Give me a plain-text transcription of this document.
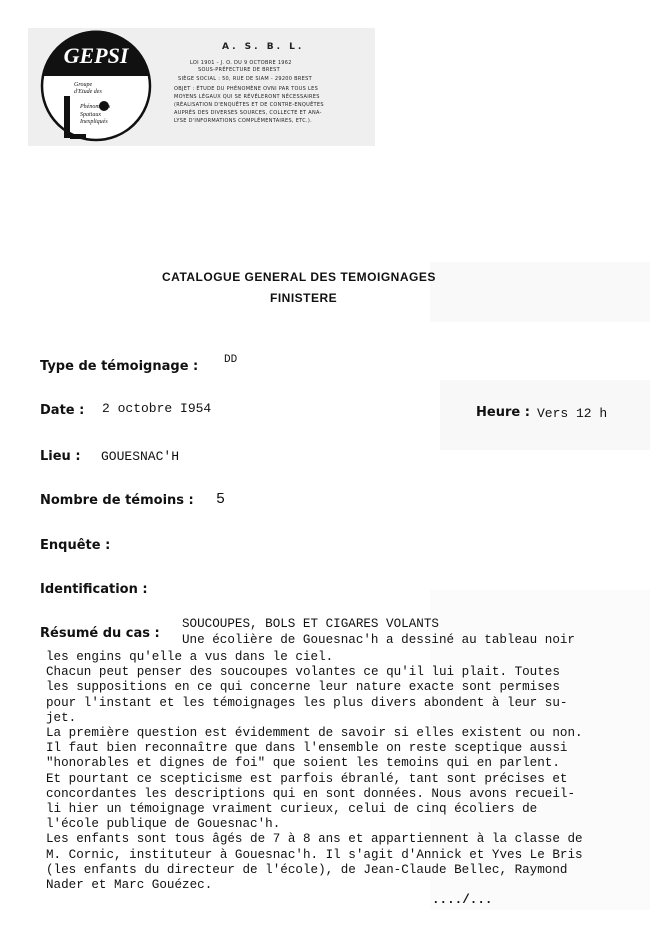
GEPSI
Groupe
d'Etude des
Phénomènes
Spatiaux
Inexpliqués
A. S. B. L.
LOI 1901 - J. O. DU 9 OCTOBRE 1962
SOUS-PRÉFECTURE DE BREST
SIÈGE SOCIAL : 50, RUE DE SIAM - 29200 BREST
OBJET : ÉTUDE DU PHÉNOMÈNE OVNI PAR TOUS LES
MOYENS LÉGAUX QUI SE RÉVÉLERONT NÉCESSAIRES
(RÉALISATION D'ENQUÊTES ET DE CONTRE-ENQUÊTES
AUPRÈS DES DIVERSES SOURCES, COLLECTE ET ANA-
LYSE D'INFORMATIONS COMPLÉMENTAIRES, ETC.).
CATALOGUE GENERAL DES TEMOIGNAGES
FINISTERE
Type de témoignage : DD
Date : 2 octobre I954	Heure : Vers 12 h
Lieu : GOUESNAC'H
Nombre de témoins : 5
Enquête :
Identification :
Résumé du cas :
SOUCOUPES, BOLS ET CIGARES VOLANTS
Une écolière de Gouesnac'h a dessiné au tableau noir
les engins qu'elle a vus dans le ciel.
Chacun peut penser des soucoupes volantes ce qu'il lui plait. Toutes
les suppositions en ce qui concerne leur nature exacte sont permises
pour l'instant et les témoignages les plus divers abondent à leur su-
jet.
La première question est évidemment de savoir si elles existent ou non.
Il faut bien reconnaître que dans l'ensemble on reste sceptique aussi
"honorables et dignes de foi" que soient les temoins qui en parlent.
Et pourtant ce scepticisme est parfois ébranlé, tant sont précises et
concordantes les descriptions qui en sont données. Nous avons recueil-
li hier un témoignage vraiment curieux, celui de cinq écoliers de
l'école publique de Gouesnac'h.
Les enfants sont tous âgés de 7 à 8 ans et appartiennent à la classe de
M. Cornic, instituteur à Gouesnac'h. Il s'agit d'Annick et Yves Le Bris
(les enfants du directeur de l'école), de Jean-Claude Bellec, Raymond
Nader et Marc Gouézec.
..../...
